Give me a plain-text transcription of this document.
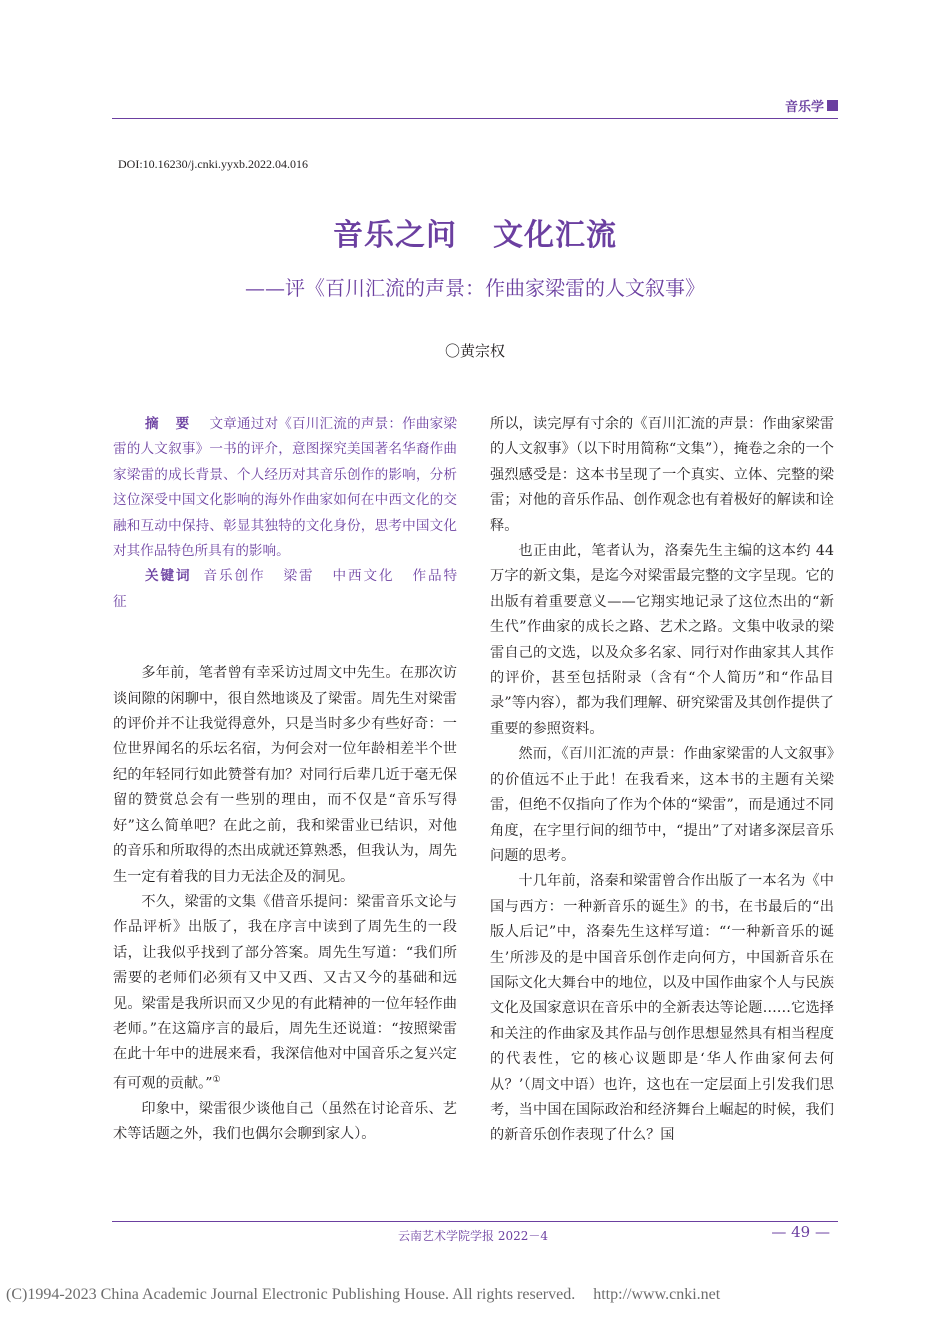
音乐学
DOI:10.16230/j.cnki.yyxb.2022.04.016
音乐之问 文化汇流
——评《百川汇流的声景：作曲家梁雷的人文叙事》
〇黄宗权
摘 要 文章通过对《百川汇流的声景：作曲家梁雷的人文叙事》一书的评介，意图探究美国著名华裔作曲家梁雷的成长背景、个人经历对其音乐创作的影响，分析这位深受中国文化影响的海外作曲家如何在中西文化的交融和互动中保持、彰显其独特的文化身份，思考中国文化对其作品特色所具有的影响。
关键词 音乐创作 梁雷 中西文化 作品特征

多年前，笔者曾有幸采访过周文中先生。在那次访谈间隙的闲聊中，很自然地谈及了梁雷。周先生对梁雷的评价并不让我觉得意外，只是当时多少有些好奇：一位世界闻名的乐坛名宿，为何会对一位年龄相差半个世纪的年轻同行如此赞誉有加？对同行后辈几近于毫无保留的赞赏总会有一些别的理由，而不仅是“音乐写得好”这么简单吧？在此之前，我和梁雷业已结识，对他的音乐和所取得的杰出成就还算熟悉，但我认为，周先生一定有着我的目力无法企及的洞见。

不久，梁雷的文集《借音乐提问：梁雷音乐文论与作品评析》出版了，我在序言中读到了周先生的一段话，让我似乎找到了部分答案。周先生写道：“我们所需要的老师们必须有又中又西、又古又今的基础和远见。梁雷是我所识而又少见的有此精神的一位年轻作曲老师。”在这篇序言的最后，周先生还说道：“按照梁雷在此十年中的进展来看，我深信他对中国音乐之复兴定有可观的贡献。”①

印象中，梁雷很少谈他自己（虽然在讨论音乐、艺术等话题之外，我们也偶尔会聊到家人）。

所以，读完厚有寸余的《百川汇流的声景：作曲家梁雷的人文叙事》（以下时用简称“文集”），掩卷之余的一个强烈感受是：这本书呈现了一个真实、立体、完整的梁雷；对他的音乐作品、创作观念也有着极好的解读和诠释。

也正由此，笔者认为，洛秦先生主编的这本约 44 万字的新文集，是迄今对梁雷最完整的文字呈现。它的出版有着重要意义——它翔实地记录了这位杰出的“新生代”作曲家的成长之路、艺术之路。文集中收录的梁雷自己的文选，以及众多名家、同行对作曲家其人其作的评价，甚至包括附录（含有“个人简历”和“作品目录”等内容），都为我们理解、研究梁雷及其创作提供了重要的参照资料。

然而，《百川汇流的声景：作曲家梁雷的人文叙事》的价值远不止于此！在我看来，这本书的主题有关梁雷，但绝不仅指向了作为个体的“梁雷”，而是通过不同角度，在字里行间的细节中，“提出”了对诸多深层音乐问题的思考。

十几年前，洛秦和梁雷曾合作出版了一本名为《中国与西方：一种新音乐的诞生》的书，在书最后的“出版人后记”中，洛秦先生这样写道：“‘一种新音乐的诞生’所涉及的是中国音乐创作走向何方，中国新音乐在国际文化大舞台中的地位，以及中国作曲家个人与民族文化及国家意识在音乐中的全新表达等论题……它选择和关注的作曲家及其作品与创作思想显然具有相当程度的代表性，它的核心议题即是‘华人作曲家何去何从？’（周文中语）也许，这也在一定层面上引发我们思考，当中国在国际政治和经济舞台上崛起的时候，我们的新音乐创作表现了什么？国

云南艺术学院学报 2022－4	— 49 —
(C)1994-2023 China Academic Journal Electronic Publishing House. All rights reserved. http://www.cnki.net
